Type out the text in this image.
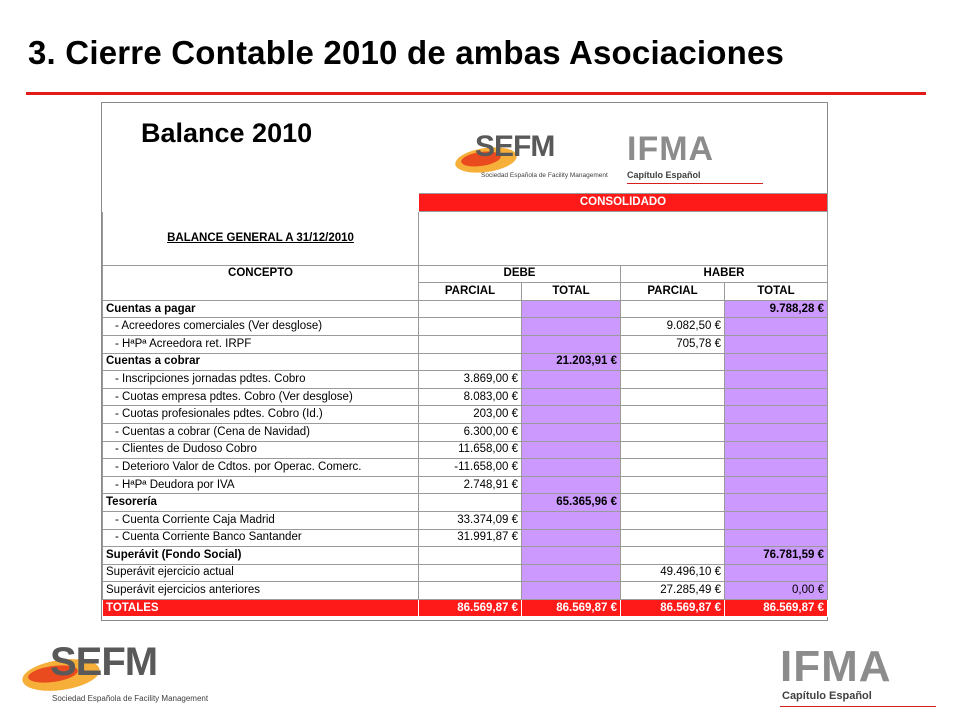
3. Cierre Contable 2010 de ambas Asociaciones
Balance 2010	SEFM
Sociedad Española de Facility Management
IFMA
Capítulo Español
	CONSOLIDADO			
BALANCE GENERAL A 31/12/2010				
CONCEPTO	DEBE		HABER	
	PARCIAL	TOTAL	PARCIAL	TOTAL
Cuentas a pagar				9.788,28 €
- Acreedores comerciales (Ver desglose)			9.082,50 €	
- HªPª Acreedora ret. IRPF			705,78 €	
Cuentas a cobrar		21.203,91 €		
- Inscripciones jornadas pdtes. Cobro	3.869,00 €			
- Cuotas empresa pdtes. Cobro (Ver desglose)	8.083,00 €			
- Cuotas profesionales pdtes. Cobro (Id.)	203,00 €			
- Cuentas a cobrar (Cena de Navidad)	6.300,00 €			
- Clientes de Dudoso Cobro	11.658,00 €			
- Deterioro Valor de Cdtos. por Operac. Comerc.	-11.658,00 €			
- HªPª Deudora por IVA	2.748,91 €			
Tesorería		65.365,96 €		
- Cuenta Corriente Caja Madrid	33.374,09 €			
- Cuenta Corriente Banco Santander	31.991,87 €			
Superávit (Fondo Social)				76.781,59 €
Superávit ejercicio actual			49.496,10 €	
Superávit ejercicios anteriores			27.285,49 €	0,00 €
TOTALES	86.569,87 €	86.569,87 €	86.569,87 €	86.569,87 €
SEFM
Sociedad Española de Facility Management
IFMA
Capítulo Español
